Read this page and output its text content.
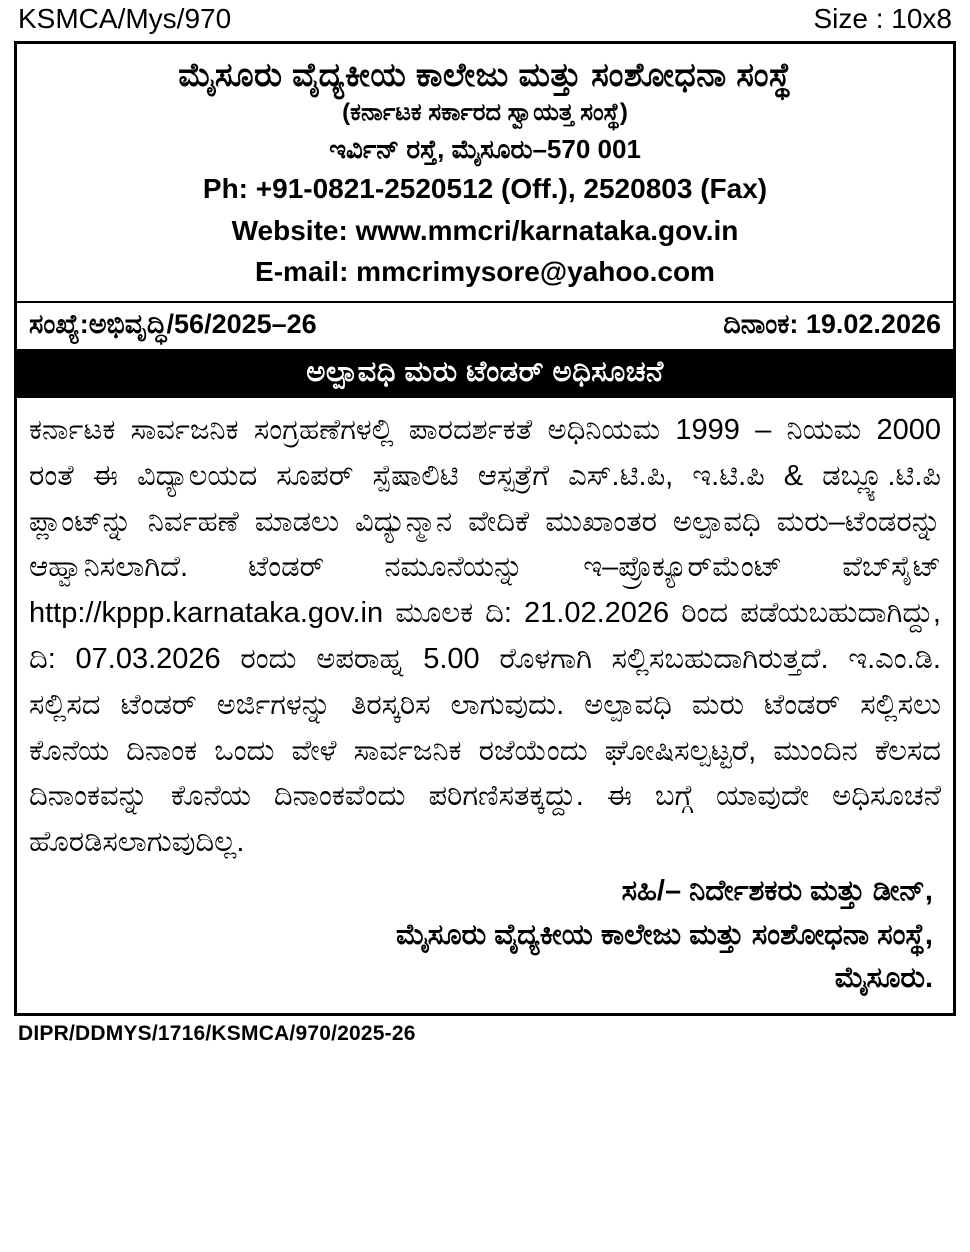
KSMCA/Mys/970	Size : 10x8
ಮೈಸೂರು ವೈದ್ಯಕೀಯ ಕಾಲೇಜು ಮತ್ತು ಸಂಶೋಧನಾ ಸಂಸ್ಥೆ
(ಕರ್ನಾಟಕ ಸರ್ಕಾರದ ಸ್ವಾಯತ್ತ ಸಂಸ್ಥೆ)
ಇರ್ವಿನ್ ರಸ್ತೆ, ಮೈಸೂರು–570 001
Ph: +91-0821-2520512 (Off.), 2520803 (Fax)
Website: www.mmcri/karnataka.gov.in
E-mail: mmcrimysore@yahoo.com
ಸಂಖ್ಯೆ:ಅಭಿವೃದ್ಧಿ/56/2025–26	ದಿನಾಂಕ: 19.02.2026
ಅಲ್ಪಾವಧಿ ಮರು ಟೆಂಡರ್ ಅಧಿಸೂಚನೆ
ಕರ್ನಾಟಕ ಸಾರ್ವಜನಿಕ ಸಂಗ್ರಹಣೆಗಳಲ್ಲಿ ಪಾರದರ್ಶಕತೆ ಅಧಿನಿಯಮ 1999 – ನಿಯಮ 2000 ರಂತೆ ಈ ವಿದ್ಯಾಲಯದ ಸೂಪರ್ ಸ್ಪೆಷಾಲಿಟಿ ಆಸ್ಪತ್ರೆಗೆ ಎಸ್.ಟಿ.ಪಿ, ಇ.ಟಿ.ಪಿ & ಡಬ್ಲ್ಯೂ.ಟಿ.ಪಿ ಪ್ಲಾಂಟ್‌ನ್ನು ನಿರ್ವಹಣೆ ಮಾಡಲು ವಿದ್ಯುನ್ಮಾನ ವೇದಿಕೆ ಮುಖಾಂತರ ಅಲ್ಪಾವಧಿ ಮರು–ಟೆಂಡರನ್ನು ಆಹ್ವಾನಿಸಲಾಗಿದೆ. ಟೆಂಡರ್ ನಮೂನೆಯನ್ನು ಇ–ಪ್ರೊಕ್ಯೂರ್‌ಮೆಂಟ್ ವೆಬ್‌ಸೈಟ್ http://kppp.karnataka.gov.in ಮೂಲಕ ದಿ: 21.02.2026 ರಿಂದ ಪಡೆಯಬಹುದಾಗಿದ್ದು, ದಿ: 07.03.2026 ರಂದು ಅಪರಾಹ್ನ 5.00 ರೊಳಗಾಗಿ ಸಲ್ಲಿಸಬಹುದಾಗಿರುತ್ತದೆ. ಇ.ಎಂ.ಡಿ. ಸಲ್ಲಿಸದ ಟೆಂಡರ್ ಅರ್ಜಿಗಳನ್ನು ತಿರಸ್ಕರಿಸ ಲಾಗುವುದು. ಅಲ್ಪಾವಧಿ ಮರು ಟೆಂಡರ್ ಸಲ್ಲಿಸಲು ಕೊನೆಯ ದಿನಾಂಕ ಒಂದು ವೇಳೆ ಸಾರ್ವಜನಿಕ ರಜೆಯೆಂದು ಘೋಷಿಸಲ್ಪಟ್ಟರೆ, ಮುಂದಿನ ಕೆಲಸದ ದಿನಾಂಕವನ್ನು ಕೊನೆಯ ದಿನಾಂಕವೆಂದು ಪರಿಗಣಿಸತಕ್ಕದ್ದು. ಈ ಬಗ್ಗೆ ಯಾವುದೇ ಅಧಿಸೂಚನೆ ಹೊರಡಿಸಲಾಗುವುದಿಲ್ಲ.
ಸಹಿ/– ನಿರ್ದೇಶಕರು ಮತ್ತು ಡೀನ್,
ಮೈಸೂರು ವೈದ್ಯಕೀಯ ಕಾಲೇಜು ಮತ್ತು ಸಂಶೋಧನಾ ಸಂಸ್ಥೆ,
ಮೈಸೂರು.
DIPR/DDMYS/1716/KSMCA/970/2025-26
